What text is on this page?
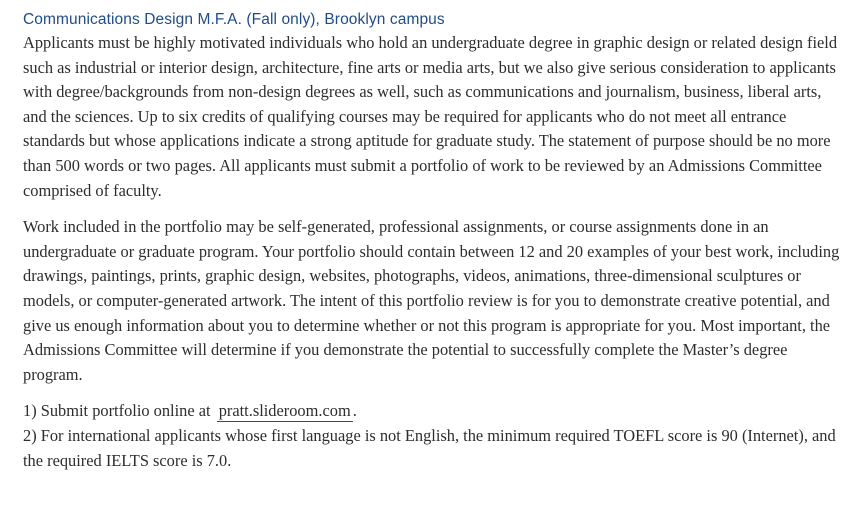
Communications Design M.F.A. (Fall only), Brooklyn campus

Applicants must be highly motivated individuals who hold an undergraduate degree in graphic design or related design field such as industrial or interior design, architecture, fine arts or media arts, but we also give serious consideration to applicants with degree/backgrounds from non-design degrees as well, such as communications and journalism, business, liberal arts, and the sciences. Up to six credits of qualifying courses may be required for applicants who do not meet all entrance standards but whose applications indicate a strong aptitude for graduate study. The statement of purpose should be no more than 500 words or two pages. All applicants must submit a portfolio of work to be reviewed by an Admissions Committee comprised of faculty.

Work included in the portfolio may be self-generated, professional assignments, or course assignments done in an undergraduate or graduate program. Your portfolio should contain between 12 and 20 examples of your best work, including drawings, paintings, prints, graphic design, websites, photographs, videos, animations, three-dimensional sculptures or models, or computer-generated artwork. The intent of this portfolio review is for you to demonstrate creative potential, and give us enough information about you to determine whether or not this program is appropriate for you. Most important, the Admissions Committee will determine if you demonstrate the potential to successfully complete the Master’s degree program.

1) Submit portfolio online at pratt.slideroom.com .
2) For international applicants whose first language is not English, the minimum required TOEFL score is 90 (Internet), and the required IELTS score is 7.0.
